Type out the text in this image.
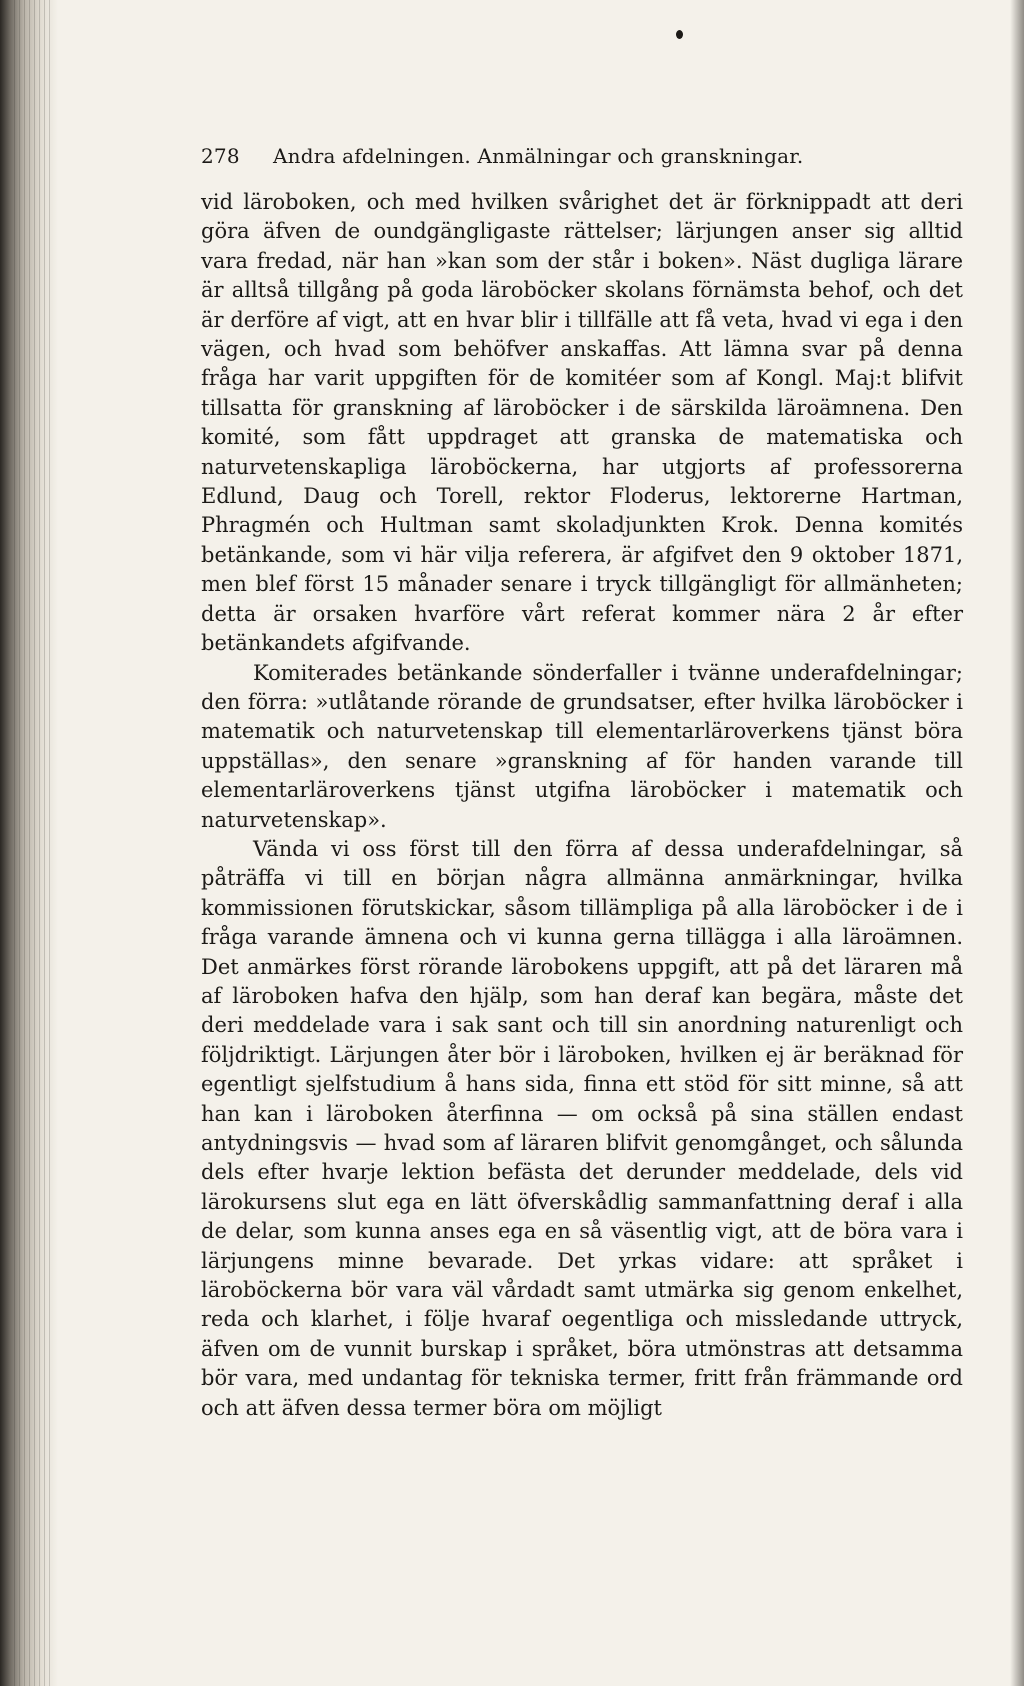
278 Andra afdelningen. Anmälningar och granskningar.

vid läroboken, och med hvilken svårighet det är förknippadt att deri göra äfven de oundgängligaste rättelser; lärjungen anser sig alltid vara fredad, när han »kan som der står i boken». Näst dugliga lärare är alltså tillgång på goda läroböcker skolans förnämsta behof, och det är derföre af vigt, att en hvar blir i tillfälle att få veta, hvad vi ega i den vägen, och hvad som behöfver anskaffas. Att lämna svar på denna fråga har varit uppgiften för de komitéer som af Kongl. Maj:t blifvit tillsatta för granskning af läroböcker i de särskilda läroämnena. Den komité, som fått uppdraget att granska de matematiska och naturvetenskapliga läroböckerna, har utgjorts af professorerna Edlund, Daug och Torell, rektor Floderus, lektorerne Hartman, Phragmén och Hultman samt skoladjunkten Krok. Denna komités betänkande, som vi här vilja referera, är afgifvet den 9 oktober 1871, men blef först 15 månader senare i tryck tillgängligt för allmänheten; detta är orsaken hvarföre vårt referat kommer nära 2 år efter betänkandets afgifvande.

Komiterades betänkande sönderfaller i tvänne underafdelningar; den förra: »utlåtande rörande de grundsatser, efter hvilka läroböcker i matematik och naturvetenskap till elementarläroverkens tjänst böra uppställas», den senare »granskning af för handen varande till elementarläroverkens tjänst utgifna läroböcker i matematik och naturvetenskap».

Vända vi oss först till den förra af dessa underafdelningar, så påträffa vi till en början några allmänna anmärkningar, hvilka kommissionen förutskickar, såsom tillämpliga på alla läroböcker i de i fråga varande ämnena och vi kunna gerna tillägga i alla läroämnen. Det anmärkes först rörande lärobokens uppgift, att på det läraren må af läroboken hafva den hjälp, som han deraf kan begära, måste det deri meddelade vara i sak sant och till sin anordning naturenligt och följdriktigt. Lärjungen åter bör i läroboken, hvilken ej är beräknad för egentligt sjelfstudium å hans sida, finna ett stöd för sitt minne, så att han kan i läroboken återfinna — om också på sina ställen endast antydningsvis — hvad som af läraren blifvit genomgånget, och sålunda dels efter hvarje lektion befästa det derunder meddelade, dels vid lärokursens slut ega en lätt öfverskådlig sammanfattning deraf i alla de delar, som kunna anses ega en så väsentlig vigt, att de böra vara i lärjungens minne bevarade. Det yrkas vidare: att språket i läroböckerna bör vara väl vårdadt samt utmärka sig genom enkelhet, reda och klarhet, i följe hvaraf oegentliga och missledande uttryck, äfven om de vunnit burskap i språket, böra utmönstras att detsamma bör vara, med undantag för tekniska termer, fritt från främmande ord och att äfven dessa termer böra om möjligt
